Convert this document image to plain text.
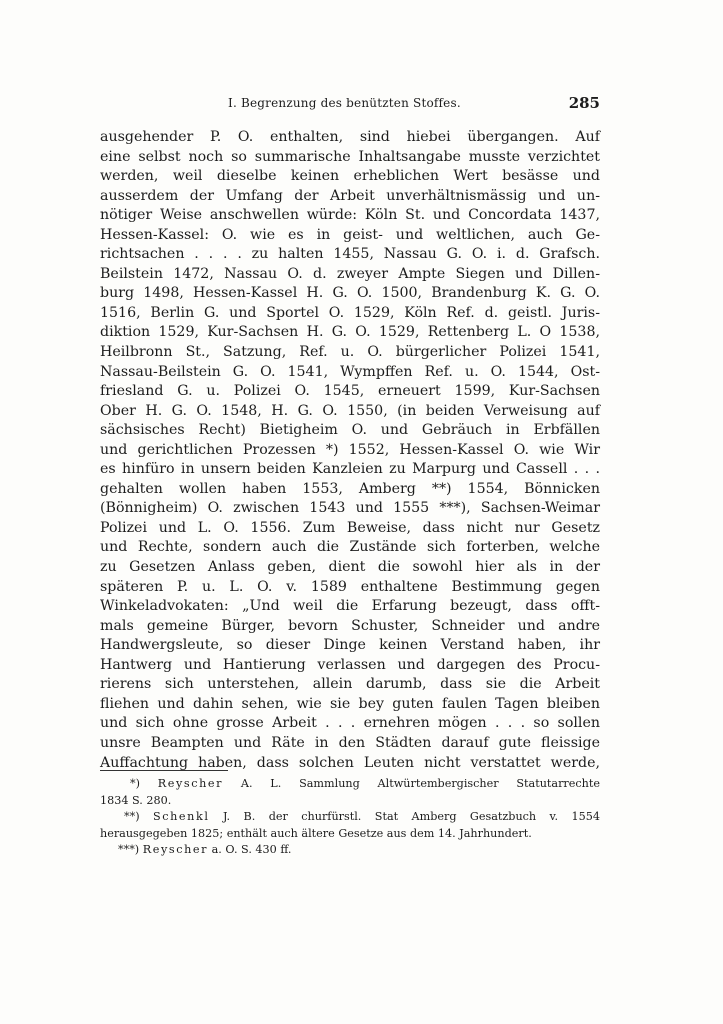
I. Begrenzung des benützten Stoffes.	285
ausgehender P. O. enthalten, sind hiebei übergangen. Auf
eine selbst noch so summarische Inhaltsangabe musste verzichtet
werden, weil dieselbe keinen erheblichen Wert besässe und
ausserdem der Umfang der Arbeit unverhältnismässig und un-
nötiger Weise anschwellen würde: Köln St. und Concordata 1437,
Hessen-Kassel: O. wie es in geist- und weltlichen, auch Ge-
richtsachen . . . . zu halten 1455, Nassau G. O. i. d. Grafsch.
Beilstein 1472, Nassau O. d. zweyer Ampte Siegen und Dillen-
burg 1498, Hessen-Kassel H. G. O. 1500, Brandenburg K. G. O.
1516, Berlin G. und Sportel O. 1529, Köln Ref. d. geistl. Juris-
diktion 1529, Kur-Sachsen H. G. O. 1529, Rettenberg L. O 1538,
Heilbronn St., Satzung, Ref. u. O. bürgerlicher Polizei 1541,
Nassau-Beilstein G. O. 1541, Wympffen Ref. u. O. 1544, Ost-
friesland G. u. Polizei O. 1545, erneuert 1599, Kur-Sachsen
Ober H. G. O. 1548, H. G. O. 1550, (in beiden Verweisung auf
sächsisches Recht) Bietigheim O. und Gebräuch in Erbfällen
und gerichtlichen Prozessen *) 1552, Hessen-Kassel O. wie Wir
es hinfüro in unsern beiden Kanzleien zu Marpurg und Cassell . . .
gehalten wollen haben 1553, Amberg **) 1554, Bönnicken
(Bönnigheim) O. zwischen 1543 und 1555 ***), Sachsen-Weimar
Polizei und L. O. 1556. Zum Beweise, dass nicht nur Gesetz
und Rechte, sondern auch die Zustände sich forterben, welche
zu Gesetzen Anlass geben, dient die sowohl hier als in der
späteren P. u. L. O. v. 1589 enthaltene Bestimmung gegen
Winkeladvokaten: „Und weil die Erfarung bezeugt, dass offt-
mals gemeine Bürger, bevorn Schuster, Schneider und andre
Handwergsleute, so dieser Dinge keinen Verstand haben, ihr
Hantwerg und Hantierung verlassen und dargegen des Procu-
rierens sich unterstehen, allein darumb, dass sie die Arbeit
fliehen und dahin sehen, wie sie bey guten faulen Tagen bleiben
und sich ohne grosse Arbeit . . . ernehren mögen . . . so sollen
unsre Beampten und Räte in den Städten darauf gute fleissige
Auffachtung haben, dass solchen Leuten nicht verstattet werde,
*) Reyscher A. L. Sammlung Altwürtembergischer Statutarrechte
1834 S. 280.
**) Schenkl J. B. der churfürstl. Stat Amberg Gesatzbuch v. 1554
herausgegeben 1825; enthält auch ältere Gesetze aus dem 14. Jahrhundert.
***) Reyscher a. O. S. 430 ff.
